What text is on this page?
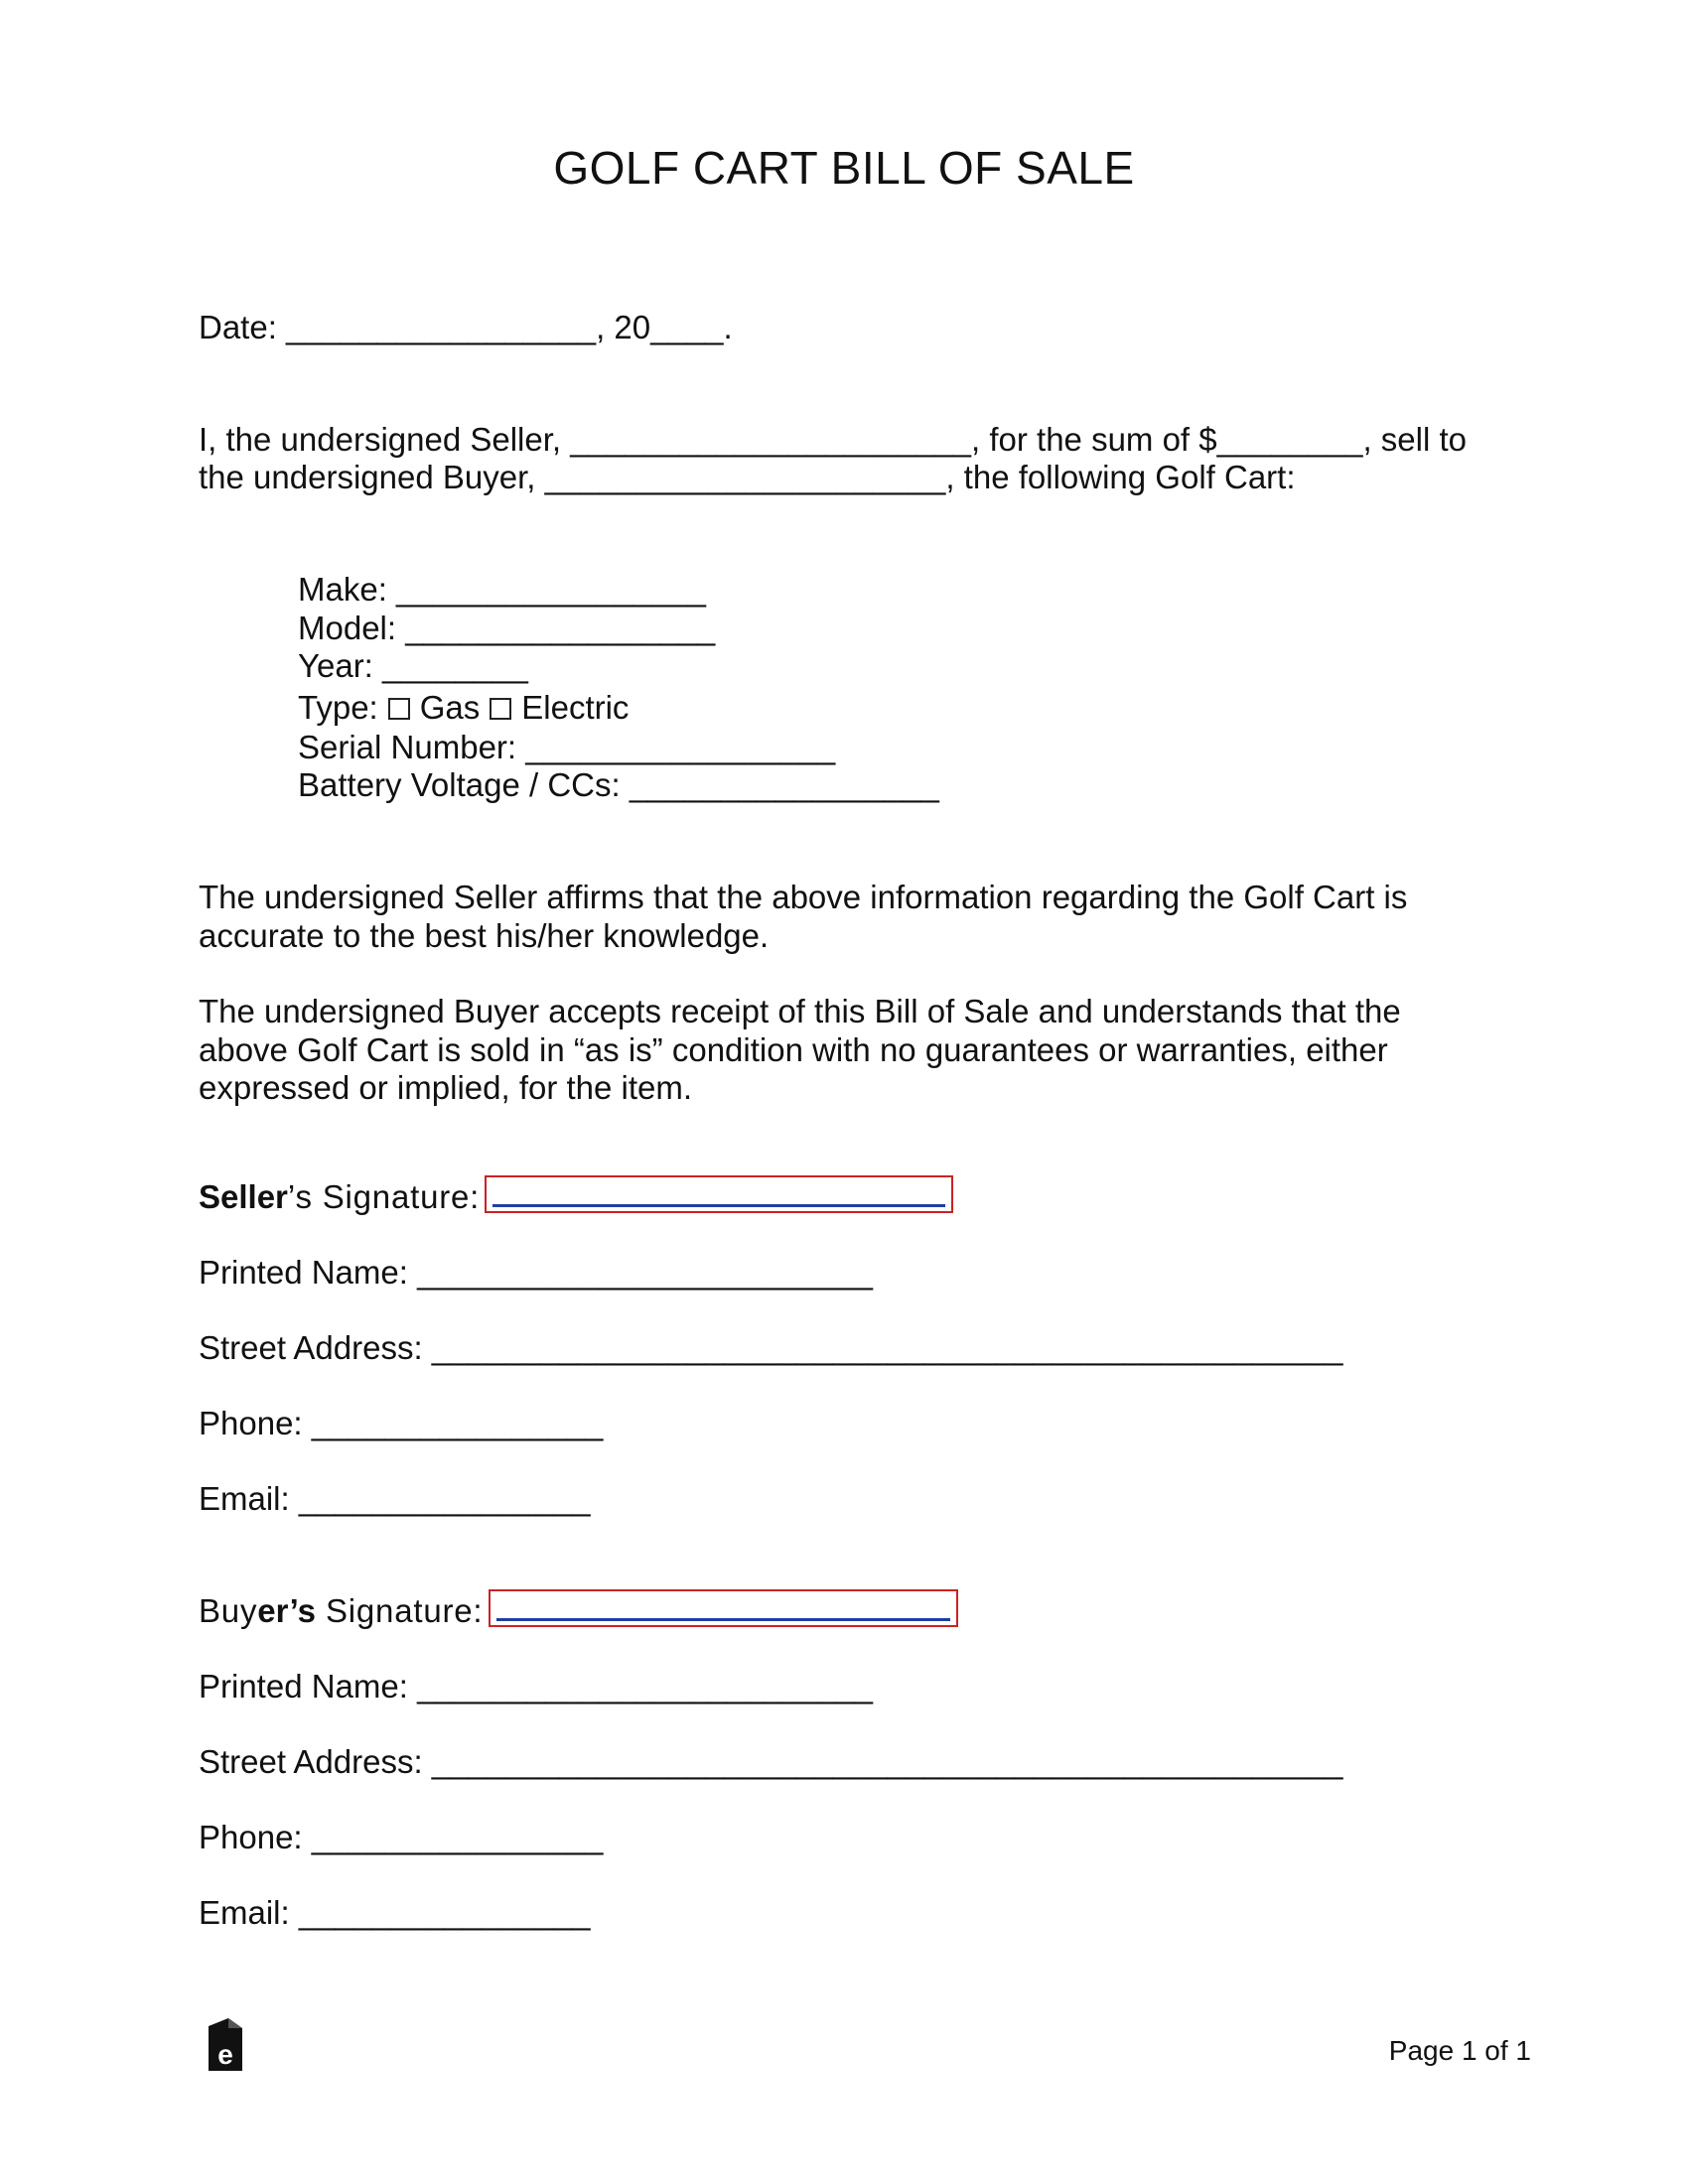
GOLF CART BILL OF SALE

Date: _________________, 20____.

I, the undersigned Seller, ______________________, for the sum of $________, sell to

the undersigned Buyer, ______________________, the following Golf Cart:

Make: _________________

Model: _________________

Year: ________

Type: Gas Electric

Serial Number: _________________

Battery Voltage / CCs: _________________

The undersigned Seller affirms that the above information regarding the Golf Cart is accurate to the best his/her knowledge.

The undersigned Buyer accepts receipt of this Bill of Sale and understands that the above Golf Cart is sold in “as is” condition with no guarantees or warranties, either expressed or implied, for the item.

Seller’s Signature:

Printed Name: _________________________

Street Address: __________________________________________________

Phone: ________________

Email: ________________

Buyer’s Signature:

Printed Name: _________________________

Street Address: __________________________________________________

Phone: ________________

Email: ________________

e	Page 1 of 1
